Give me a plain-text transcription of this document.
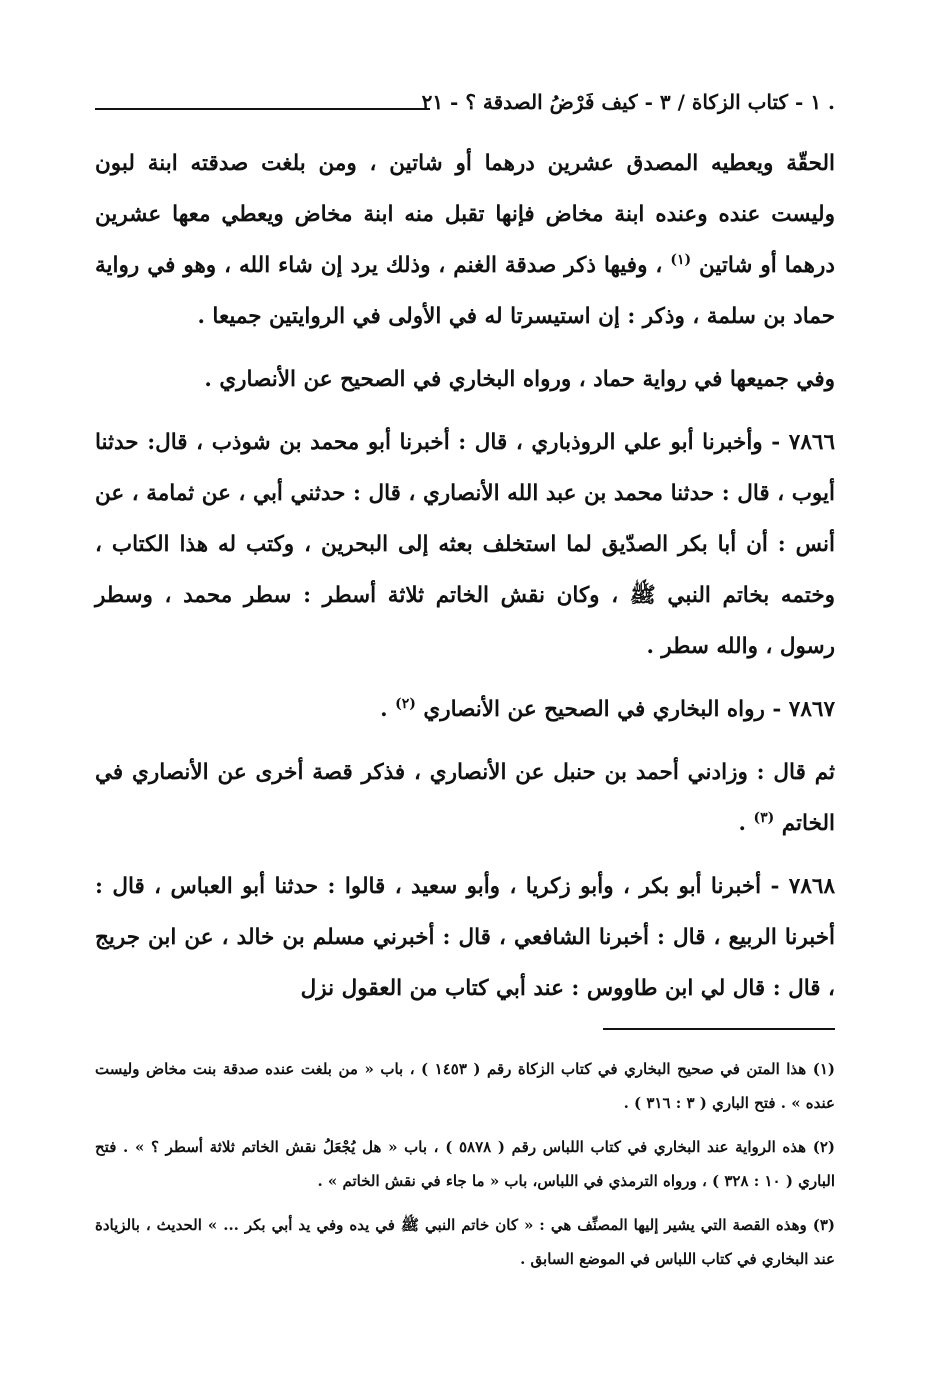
. ١ - كتاب الزكاة / ٣ - كيف فَرْضُ الصدقة ؟ - ٢١

الحقّة ويعطيه المصدق عشرين درهما أو شاتين ، ومن بلغت صدقته ابنة لبون وليست عنده وعنده ابنة مخاض فإنها تقبل منه ابنة مخاض ويعطي معها عشرين درهما أو شاتين $^{(١)}$ ، وفيها ذكر صدقة الغنم ، وذلك يرد إن شاء الله ، وهو في رواية حماد بن سلمة ، وذكر : إن استيسرتا له في الأولى في الروايتين جميعا .

وفي جميعها في رواية حماد ، ورواه البخاري في الصحيح عن الأنصاري .

٧٨٦٦ - وأخبرنا أبو علي الروذباري ، قال : أخبرنا أبو محمد بن شوذب ، قال: حدثنا أيوب ، قال : حدثنا محمد بن عبد الله الأنصاري ، قال : حدثني أبي ، عن ثمامة ، عن أنس : أن أبا بكر الصدّيق لما استخلف بعثه إلى البحرين ، وكتب له هذا الكتاب ، وختمه بخاتم النبي ﷺ ، وكان نقش الخاتم ثلاثة أسطر : سطر محمد ، وسطر رسول ، والله سطر .

٧٨٦٧ - رواه البخاري في الصحيح عن الأنصاري $^{(٢)}$ .

ثم قال : وزادني أحمد بن حنبل عن الأنصاري ، فذكر قصة أخرى عن الأنصاري في الخاتم $^{(٣)}$ .

٧٨٦٨ - أخبرنا أبو بكر ، وأبو زكريا ، وأبو سعيد ، قالوا : حدثنا أبو العباس ، قال : أخبرنا الربيع ، قال : أخبرنا الشافعي ، قال : أخبرني مسلم بن خالد ، عن ابن جريج ، قال : قال لي ابن طاووس : عند أبي كتاب من العقول نزل

(١) هذا المتن في صحيح البخاري في كتاب الزكاة رقم ( ١٤٥٣ ) ، باب « من بلغت عنده صدقة بنت مخاض وليست عنده » . فتح الباري ( ٣ : ٣١٦ ) .

(٢) هذه الرواية عند البخاري في كتاب اللباس رقم ( ٥٨٧٨ ) ، باب « هل يُجْعَلُ نقش الخاتم ثلاثة أسطر ؟ » . فتح الباري ( ١٠ : ٣٢٨ ) ، ورواه الترمذي في اللباس، باب « ما جاء في نقش الخاتم » .

(٣) وهذه القصة التي يشير إليها المصنِّف هي : « كان خاتم النبي ﷺ في يده وفي يد أبي بكر ... » الحديث ، بالزيادة عند البخاري في كتاب اللباس في الموضع السابق .
